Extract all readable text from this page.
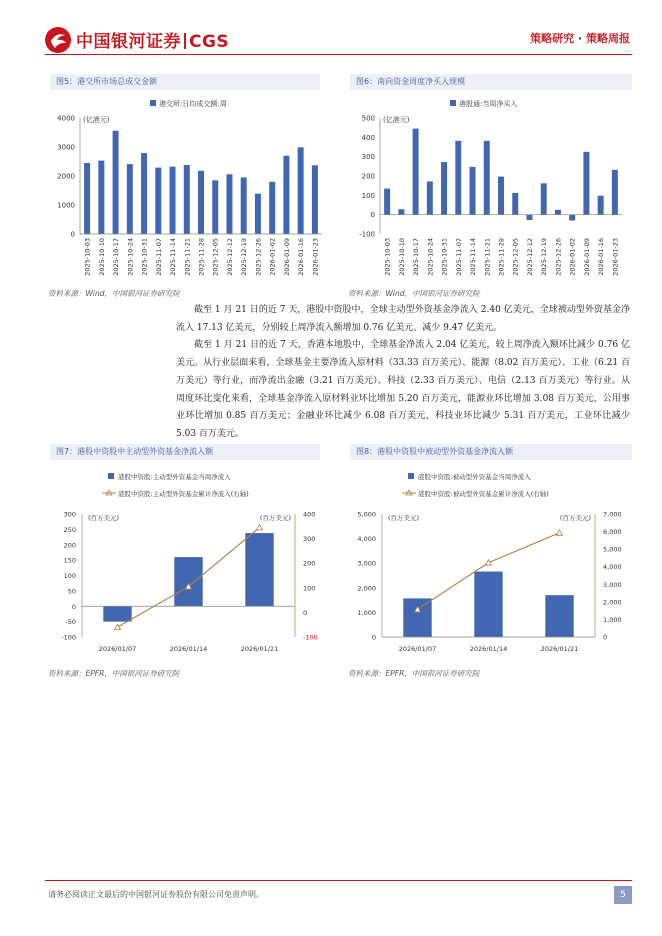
中国银河证券 CGS	策略研究 · 策略周报
图5：港交所市场总成交金额	图6：南向资金周度净买入规模
港交所:日均成交额:周
(亿港元)
0
1000
2000
3000
4000
2025-10-03 2025-10-10 2025-10-17 2025-10-24 2025-10-31 2025-11-07 2025-11-14 2025-11-21 2025-11-28 2025-12-05 2025-12-12 2025-12-19 2025-12-26 2026-01-02 2026-01-09 2026-01-16 2026-01-23
港股通:当周净买入
(亿港元)
-100
0
100
200
300
400
500
2025-10-03 2025-10-10 2025-10-17 2025-10-24 2025-10-31 2025-11-07 2025-11-14 2025-11-21 2025-11-28 2025-12-05 2025-12-12 2025-12-19 2025-12-26 2026-01-02 2026-01-09 2026-01-16 2026-01-23
资料来源：Wind，中国银河证券研究院	资料来源：Wind，中国银河证券研究院

截至 1 月 21 日的近 7 天，港股中资股中，全球主动型外资基金净流入 2.40 亿美元，全球被动型外资基金净流入 17.13 亿美元，分别较上周净流入额增加 0.76 亿美元、减少 9.47 亿美元。

截至 1 月 21 日的近 7 天，香港本地股中，全球基金净流入 2.04 亿美元，较上周净流入额环比减少 0.76 亿美元。从行业层面来看，全球基金主要净流入原材料（33.33 百万美元）、能源（8.02 百万美元）、工业（6.21 百万美元）等行业，而净流出金融（3.21 百万美元）、科技（2.33 百万美元）、电信（2.13 百万美元）等行业。从周度环比变化来看，全球基金净流入原材料业环比增加 5.20 百万美元，能源业环比增加 3.08 百万美元，公用事业环比增加 0.85 百万美元；金融业环比减少 6.08 百万美元，科技业环比减少 5.31 百万美元，工业环比减少 5.03 百万美元。

图7：港股中资股中主动型外资基金净流入额	图8：港股中资股中被动型外资基金净流入额
港股中资股:主动型外资基金当周净流入
港股中资股:主动型外资基金累计净流入(右轴)
(百万美元)	(百万美元)
-100
-50
0
50
100
150
200
250
300
-100
0
100
200
300
400
2026/01/07	2026/01/14	2026/01/21
港股中资股:被动型外资基金当周净流入
港股中资股:被动型外资基金累计净流入(右轴)
(百万美元)	(百万美元)
0
1,000
2,000
3,000
4,000
5,000
0
1,000
2,000
3,000
4,000
5,000
6,000
7,000
2026/01/07	2026/01/14	2026/01/21
资料来源：EPFR，中国银河证券研究院	资料来源：EPFR，中国银河证券研究院
请务必阅读正文最后的中国银河证券股份有限公司免责声明。	5
